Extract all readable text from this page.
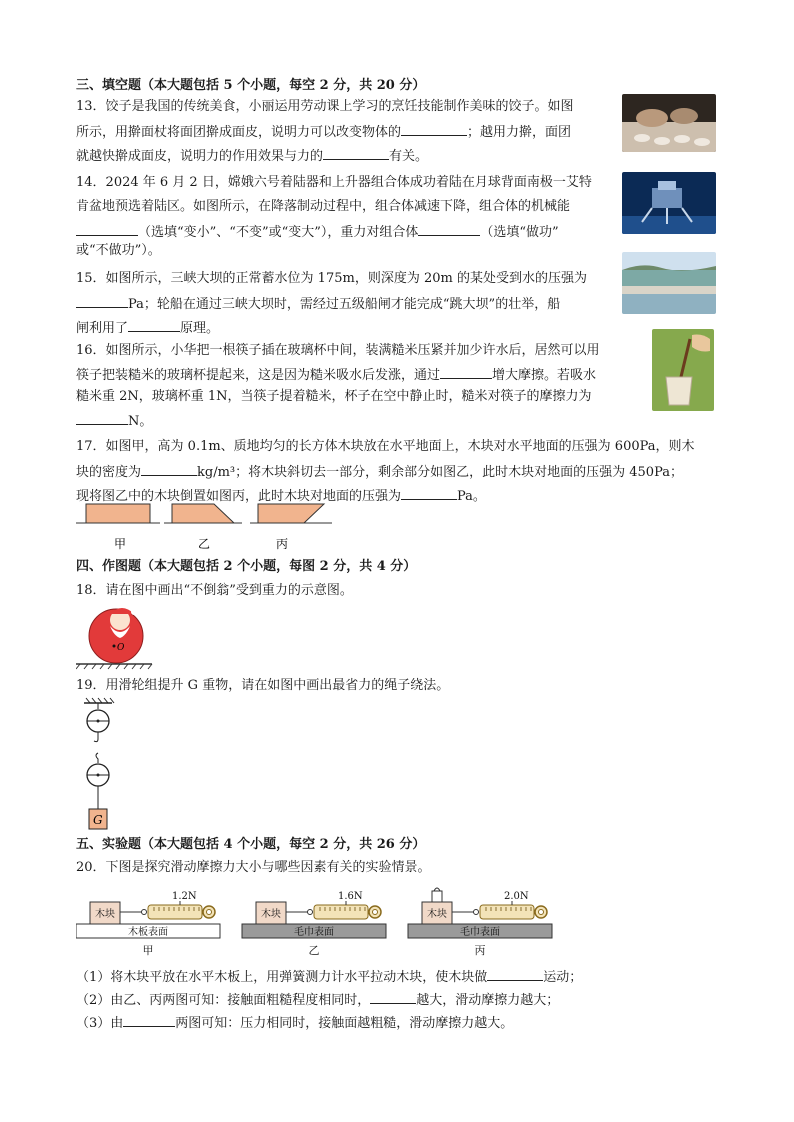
三、填空题（本大题包括 5 个小题，每空 2 分，共 20 分）
13．饺子是我国的传统美食，小丽运用劳动课上学习的烹饪技能制作美味的饺子。如图
所示，用擀面杖将面团擀成面皮，说明力可以改变物体的	；越用力擀，面团
就越快擀成面皮，说明力的作用效果与力的	有关。
14．2024 年 6 月 2 日，嫦娥六号着陆器和上升器组合体成功着陆在月球背面南极一艾特
肯盆地预选着陆区。如图所示，在降落制动过程中，组合体减速下降，组合体的机械能
（选填“变小”、“不变”或“变大”），重力对组合体	（选填“做功”
或“不做功”）。
15．如图所示，三峡大坝的正常蓄水位为 175m，则深度为 20m 的某处受到水的压强为
Pa；轮船在通过三峡大坝时，需经过五级船闸才能完成“跳大坝”的壮举，船
闸利用了	原理。
16．如图所示，小华把一根筷子插在玻璃杯中间，装满糙米压紧并加少许水后，居然可以用
筷子把装糙米的玻璃杯提起来，这是因为糙米吸水后发涨，通过	增大摩擦。若吸水
糙米重 2N，玻璃杯重 1N，当筷子提着糙米，杯子在空中静止时，糙米对筷子的摩擦力为
N。
17．如图甲，高为 0.1m、质地均匀的长方体木块放在水平地面上，木块对水平地面的压强为 600Pa，则木
块的密度为	kg/m³；将木块斜切去一部分，剩余部分如图乙，此时木块对地面的压强为 450Pa；
现将图乙中的木块倒置如图丙，此时木块对地面的压强为	Pa。
甲	乙	丙
四、作图题（本大题包括 2 个小题，每图 2 分，共 4 分）
18．请在图中画出“不倒翁”受到重力的示意图。
O
19．用滑轮组提升 G 重物，请在如图中画出最省力的绳子绕法。
G
五、实验题（本大题包括 4 个小题，每空 2 分，共 26 分）
20．下图是探究滑动摩擦力大小与哪些因素有关的实验情景。
木板表面
木块
1.2N
甲
毛巾表面
木块
1.6N
乙
毛巾表面
木块
2.0N
丙
（1）将木块平放在水平木板上，用弹簧测力计水平拉动木块，使木块做	运动；
（2）由乙、丙两图可知：接触面粗糙程度相同时，	越大，滑动摩擦力越大；
（3）由	两图可知：压力相同时，接触面越粗糙，滑动摩擦力越大。
